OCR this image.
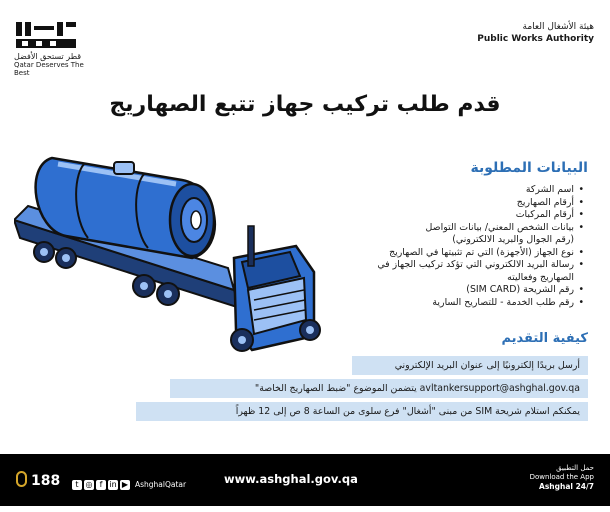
قطر تستحق الأفضل
Qatar Deserves The Best
هيئة الأشغال العامة
Public Works Authority
قدم طلب تركيب جهاز تتبع الصهاريج
البيانات المطلوبة
• اسم الشركة
• أرقام الصهاريج
• أرقام المركبات
• بيانات الشخص المعني/ بيانات التواصل
(رقم الجوال والبريد الالكتروني)
• نوع الجهاز (الأجهزة) التي تم تثبيتها في الصهاريج
• رسالة البريد الالكتروني التي تؤكد تركيب الجهاز في
الصهاريج وفعاليته
• رقم الشريحة (SIM CARD)
• رقم طلب الخدمة - للتصاريح السارية
كيفية التقديم
أرسل بريدًا إلكترونيًا إلى عنوان البريد الإلكتروني
avltankersupport@ashghal.gov.qa يتضمن الموضوع "ضبط الصهاريج الخاصة"
يمكنكم استلام شريحة SIM من مبنى "أشغال" فرع سلوى من الساعة 8 ص إلى 12 ظهراً
188	t ◎ f in ▶ AshghalQatar	www.ashghal.gov.qa
حمل التطبيق
Download the App
Ashghal 24/7
